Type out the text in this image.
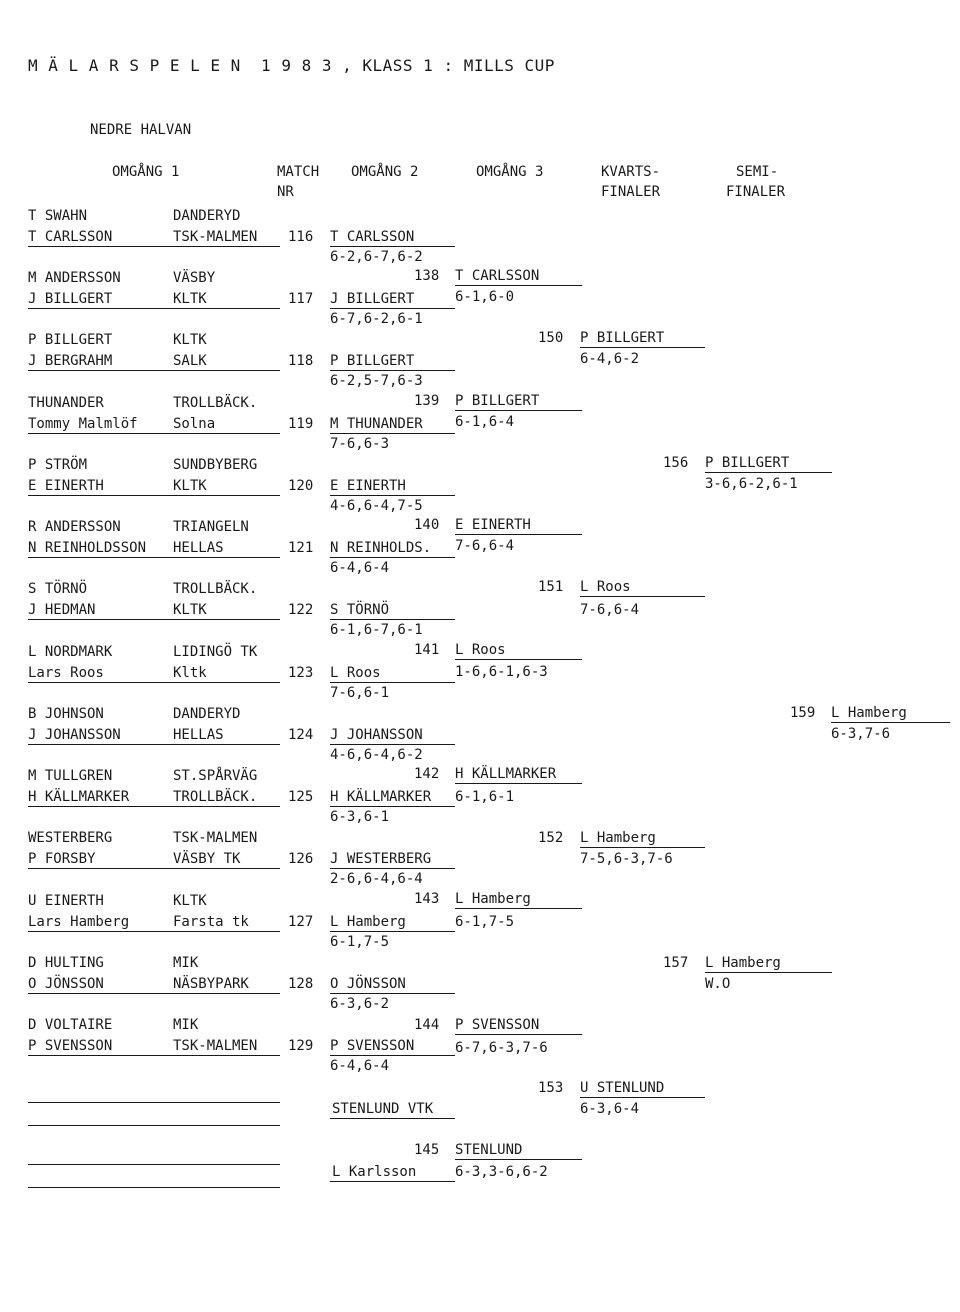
M Ä L A R S P E L E N  1 9 8 3 , KLASS 1 : MILLS CUP
NEDRE HALVAN
OMGÅNG 1	MATCH
NR
OMGÅNG 2	OMGÅNG 3	KVARTS-
FINALER
SEMI-
FINALER
T SWAHN	DANDERYD
T CARLSSON	TSK-MALMEN
M ANDERSSON	VÄSBY
J BILLGERT	KLTK
P BILLGERT	KLTK
J BERGRAHM	SALK
THUNANDER	TROLLBÄCK.
Tommy Malmlöf	Solna
P STRÖM	SUNDBYBERG
E EINERTH	KLTK
R ANDERSSON	TRIANGELN
N REINHOLDSSON HELLAS
S TÖRNÖ	TROLLBÄCK.
J HEDMAN	KLTK
L NORDMARK	LIDINGÖ TK
Lars Roos	Kltk
B JOHNSON	DANDERYD
J JOHANSSON	HELLAS
M TULLGREN	ST.SPÅRVÄG
H KÄLLMARKER	TROLLBÄCK.
WESTERBERG	TSK-MALMEN
P FORSBY	VÄSBY TK
U EINERTH	KLTK
Lars Hamberg	Farsta tk
D HULTING	MIK
O JÖNSSON	NÄSBYPARK
D VOLTAIRE	MIK
P SVENSSON	TSK-MALMEN
116 T CARLSSON
6-2,6-7,6-2
117 J BILLGERT
6-7,6-2,6-1
118 P BILLGERT
6-2,5-7,6-3
119 M THUNANDER
7-6,6-3
120 E EINERTH
4-6,6-4,7-5
121 N REINHOLDS.
6-4,6-4
122 S TÖRNÖ
6-1,6-7,6-1
123 L Roos
7-6,6-1
124 J JOHANSSON
4-6,6-4,6-2
125 H KÄLLMARKER
6-3,6-1
126 J WESTERBERG
2-6,6-4,6-4
127 L Hamberg
6-1,7-5
128 O JÖNSSON
6-3,6-2
129 P SVENSSON
6-4,6-4
STENLUND VTK
L Karlsson
138 T CARLSSON
6-1,6-0
139 P BILLGERT
6-1,6-4
140 E EINERTH
7-6,6-4
141 L Roos
1-6,6-1,6-3
142 H KÄLLMARKER
6-1,6-1
143 L Hamberg
6-1,7-5
144 P SVENSSON
6-7,6-3,7-6
145 STENLUND
6-3,3-6,6-2
150 P BILLGERT
6-4,6-2
151 L Roos
7-6,6-4
152 L Hamberg
7-5,6-3,7-6
153 U STENLUND
6-3,6-4
156 P BILLGERT
3-6,6-2,6-1
157 L Hamberg
W.O
159 L Hamberg
6-3,7-6
